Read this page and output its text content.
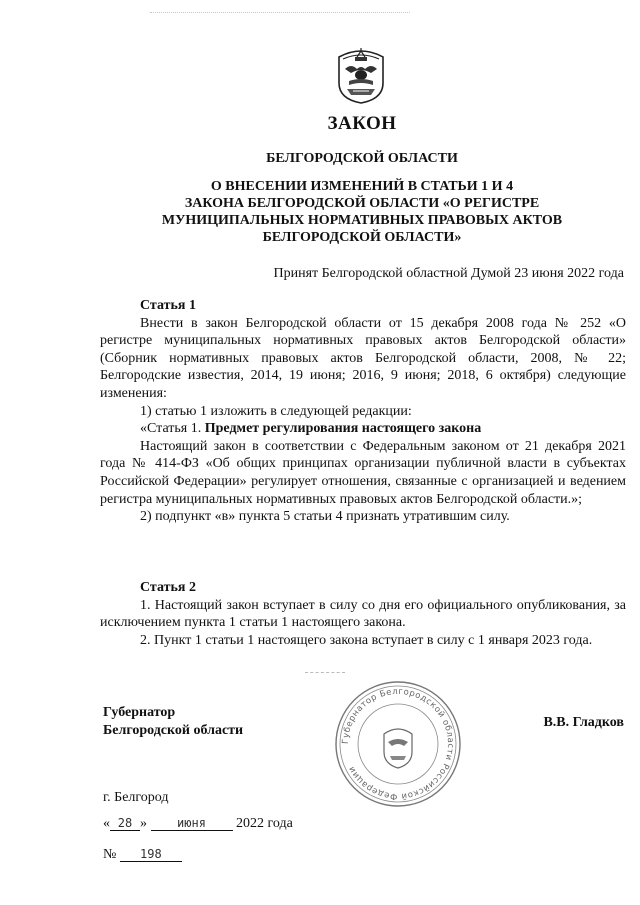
ЗАКОН
БЕЛГОРОДСКОЙ ОБЛАСТИ
О ВНЕСЕНИИ ИЗМЕНЕНИЙ В СТАТЬИ 1 И 4
ЗАКОНА БЕЛГОРОДСКОЙ ОБЛАСТИ «О РЕГИСТРЕ
МУНИЦИПАЛЬНЫХ НОРМАТИВНЫХ ПРАВОВЫХ АКТОВ
БЕЛГОРОДСКОЙ ОБЛАСТИ»
Принят Белгородской областной Думой 23 июня 2022 года

Статья 1

Внести в закон Белгородской области от 15 декабря 2008 года № 252 «О регистре муниципальных нормативных правовых актов Белгородской области» (Сборник нормативных правовых актов Белгородской области, 2008, № 22; Белгородские известия, 2014, 19 июня; 2016, 9 июня; 2018, 6 октября) следующие изменения:

1) статью 1 изложить в следующей редакции:

«Статья 1. Предмет регулирования настоящего закона

Настоящий закон в соответствии с Федеральным законом от 21 декабря 2021 года № 414-ФЗ «Об общих принципах организации публичной власти в субъектах Российской Федерации» регулирует отношения, связанные с организацией и ведением регистра муниципальных нормативных правовых актов Белгородской области.»;

2) подпункт «в» пункта 5 статьи 4 признать утратившим силу.

Статья 2

1. Настоящий закон вступает в силу со дня его официального опубликования, за исключением пункта 1 статьи 1 настоящего закона.

2. Пункт 1 статьи 1 настоящего закона вступает в силу с 1 января 2023 года.

Губернатор
Белгородской области
Губернатор Белгородской области Российской Федерации
В.В. Гладков
г. Белгород
« 28 »	июня 2022 года
№ 198
